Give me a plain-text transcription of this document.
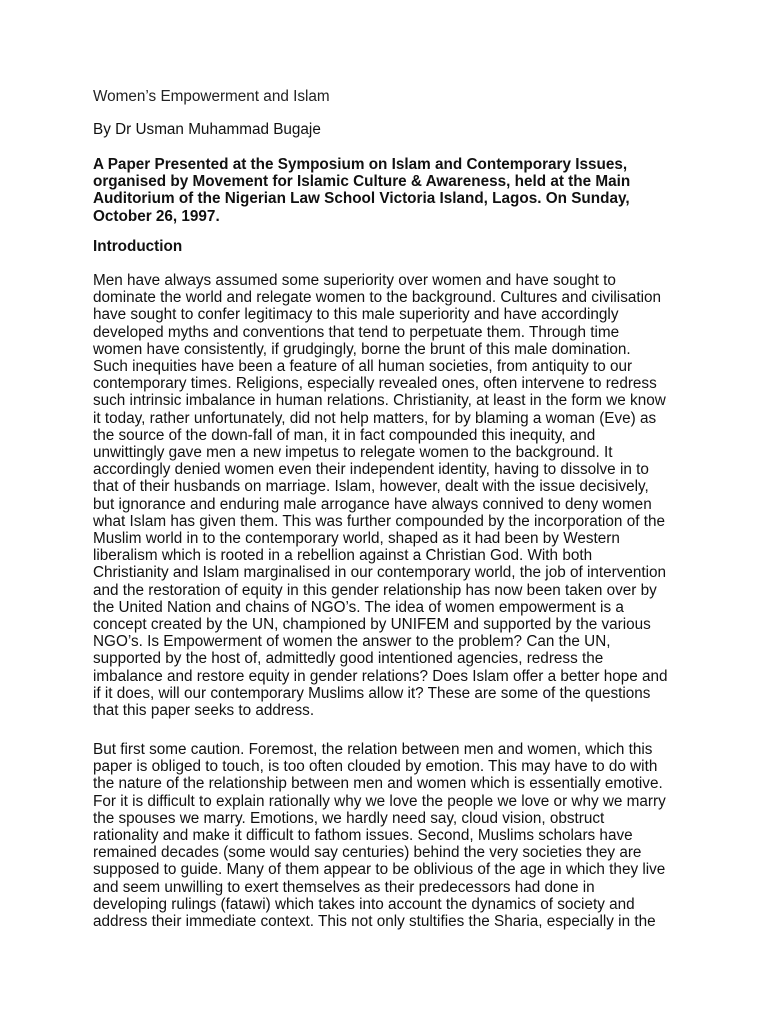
Women’s Empowerment and Islam

By Dr Usman Muhammad Bugaje

A Paper Presented at the Symposium on Islam and Contemporary Issues,
organised by Movement for Islamic Culture & Awareness, held at the Main
Auditorium of the Nigerian Law School Victoria Island, Lagos. On Sunday,
October 26, 1997.

Introduction

Men have always assumed some superiority over women and have sought to
dominate the world and relegate women to the background. Cultures and civilisation
have sought to confer legitimacy to this male superiority and have accordingly
developed myths and conventions that tend to perpetuate them. Through time
women have consistently, if grudgingly, borne the brunt of this male domination.
Such inequities have been a feature of all human societies, from antiquity to our
contemporary times. Religions, especially revealed ones, often intervene to redress
such intrinsic imbalance in human relations. Christianity, at least in the form we know
it today, rather unfortunately, did not help matters, for by blaming a woman (Eve) as
the source of the down-fall of man, it in fact compounded this inequity, and
unwittingly gave men a new impetus to relegate women to the background. It
accordingly denied women even their independent identity, having to dissolve in to
that of their husbands on marriage. Islam, however, dealt with the issue decisively,
but ignorance and enduring male arrogance have always connived to deny women
what Islam has given them. This was further compounded by the incorporation of the
Muslim world in to the contemporary world, shaped as it had been by Western
liberalism which is rooted in a rebellion against a Christian God. With both
Christianity and Islam marginalised in our contemporary world, the job of intervention
and the restoration of equity in this gender relationship has now been taken over by
the United Nation and chains of NGO’s. The idea of women empowerment is a
concept created by the UN, championed by UNIFEM and supported by the various
NGO’s. Is Empowerment of women the answer to the problem? Can the UN,
supported by the host of, admittedly good intentioned agencies, redress the
imbalance and restore equity in gender relations? Does Islam offer a better hope and
if it does, will our contemporary Muslims allow it? These are some of the questions
that this paper seeks to address.

But first some caution. Foremost, the relation between men and women, which this
paper is obliged to touch, is too often clouded by emotion. This may have to do with
the nature of the relationship between men and women which is essentially emotive.
For it is difficult to explain rationally why we love the people we love or why we marry
the spouses we marry. Emotions, we hardly need say, cloud vision, obstruct
rationality and make it difficult to fathom issues. Second, Muslims scholars have
remained decades (some would say centuries) behind the very societies they are
supposed to guide. Many of them appear to be oblivious of the age in which they live
and seem unwilling to exert themselves as their predecessors had done in
developing rulings (fatawi) which takes into account the dynamics of society and
address their immediate context. This not only stultifies the Sharia, especially in the
